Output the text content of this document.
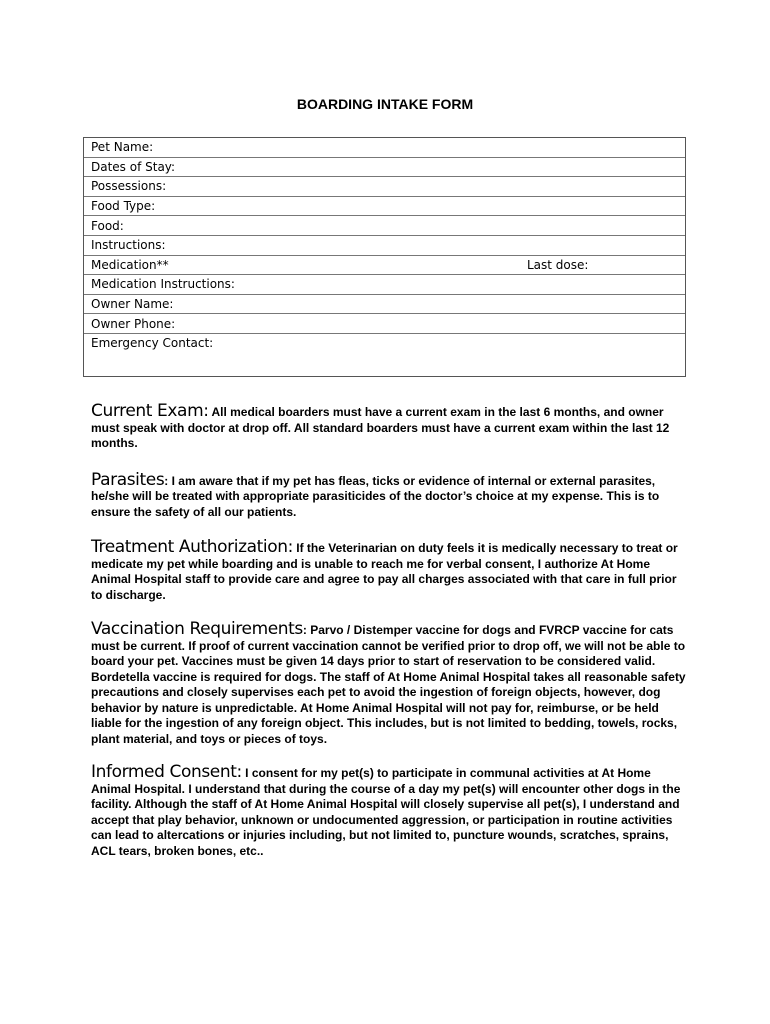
BOARDING INTAKE FORM
Pet Name:
Dates of Stay:
Possessions:
Food Type:
Food:
Instructions:
Medication**	Last dose:
Medication Instructions:
Owner Name:
Owner Phone:
Emergency Contact:

Current Exam: All medical boarders must have a current exam in the last 6 months, and owner must speak with doctor at drop off. All standard boarders must have a current exam within the last 12 months.

Parasites: I am aware that if my pet has fleas, ticks or evidence of internal or external parasites, he/she will be treated with appropriate parasiticides of the doctor’s choice at my expense. This is to ensure the safety of all our patients.

Treatment Authorization: If the Veterinarian on duty feels it is medically necessary to treat or medicate my pet while boarding and is unable to reach me for verbal consent, I authorize At Home Animal Hospital staff to provide care and agree to pay all charges associated with that care in full prior to discharge.

Vaccination Requirements: Parvo / Distemper vaccine for dogs and FVRCP vaccine for cats must be current. If proof of current vaccination cannot be verified prior to drop off, we will not be able to board your pet. Vaccines must be given 14 days prior to start of reservation to be considered valid. Bordetella vaccine is required for dogs. The staff of At Home Animal Hospital takes all reasonable safety precautions and closely supervises each pet to avoid the ingestion of foreign objects, however, dog behavior by nature is unpredictable. At Home Animal Hospital will not pay for, reimburse, or be held liable for the ingestion of any foreign object. This includes, but is not limited to bedding, towels, rocks, plant material, and toys or pieces of toys.

Informed Consent: I consent for my pet(s) to participate in communal activities at At Home Animal Hospital. I understand that during the course of a day my pet(s) will encounter other dogs in the facility. Although the staff of At Home Animal Hospital will closely supervise all pet(s), I understand and accept that play behavior, unknown or undocumented aggression, or participation in routine activities can lead to altercations or injuries including, but not limited to, puncture wounds, scratches, sprains, ACL tears, broken bones, etc..
